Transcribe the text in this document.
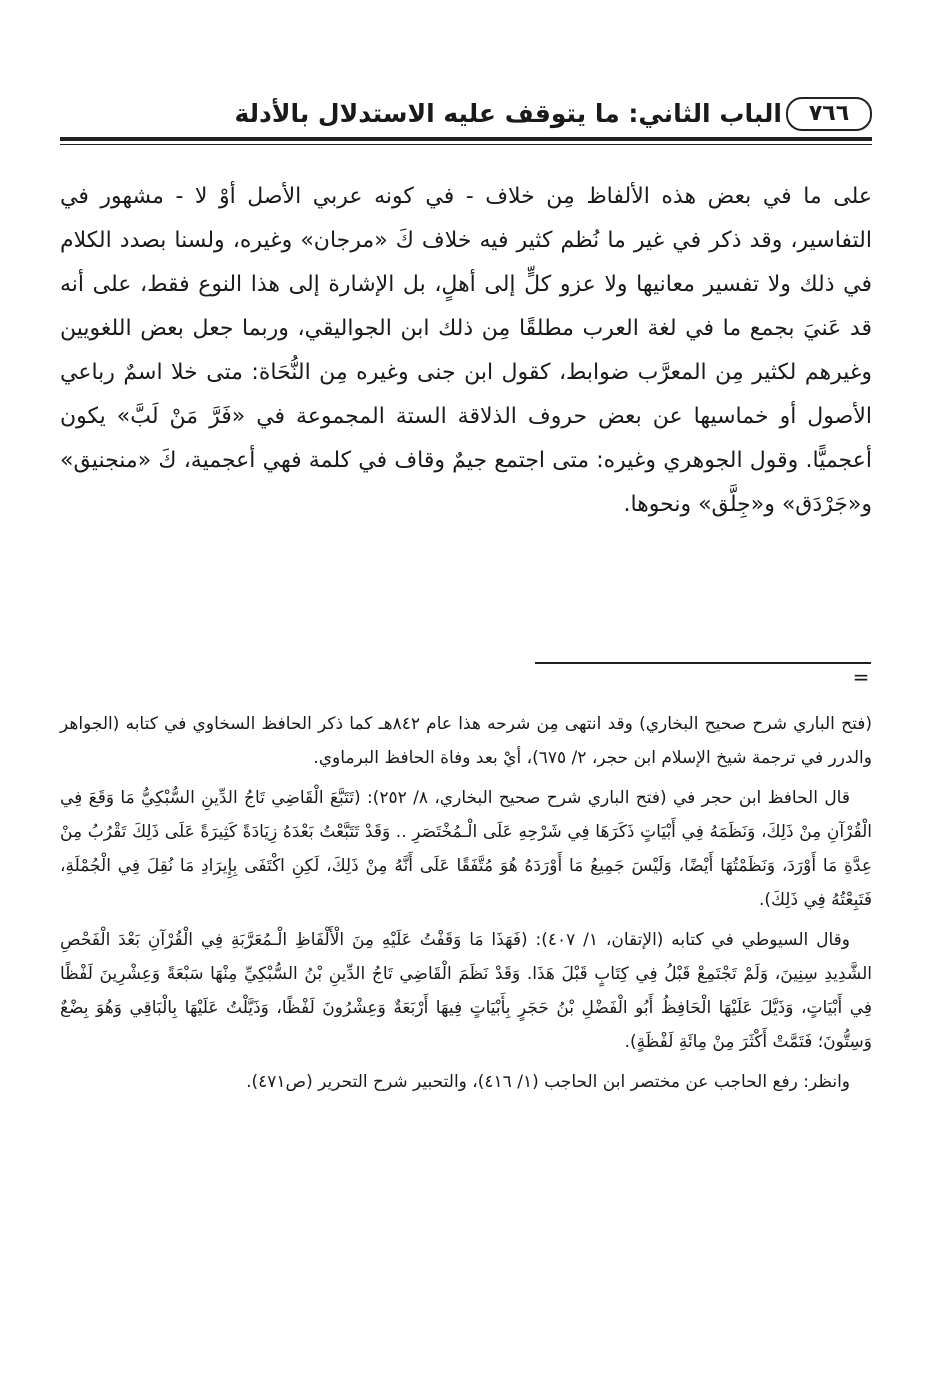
٧٦٦
الباب الثاني: ما يتوقف عليه الاستدلال بالأدلة

على ما في بعض هذه الألفاظ مِن خلاف - في كونه عربي الأصل أوْ لا - مشهور في التفاسير، وقد ذكر في غير ما نُظم كثير فيه خلاف كَ «مرجان» وغيره، ولسنا بصدد الكلام في ذلك ولا تفسير معانيها ولا عزو كلٍّ إلى أهلٍ، بل الإشارة إلى هذا النوع فقط، على أنه قد عَنيَ بجمع ما في لغة العرب مطلقًا مِن ذلك ابن الجواليقي، وربما جعل بعض اللغويين وغيرهم لكثير مِن المعرَّب ضوابط، كقول ابن جنى وغيره مِن النُّحَاة: متى خلا اسمٌ رباعي الأصول أو خماسيها عن بعض حروف الذلاقة الستة المجموعة في «فَرَّ مَنْ لَبَّ» يكون أعجميًّا. وقول الجوهري وغيره: متى اجتمع جيمٌ وقاف في كلمة فهي أعجمية، كَ «منجنيق» و«جَرْدَق» و«جِلَّق» ونحوها.

=

(فتح الباري شرح صحيح البخاري) وقد انتهى مِن شرحه هذا عام ٨٤٢هـ كما ذكر الحافظ السخاوي في كتابه (الجواهر والدرر في ترجمة شيخ الإسلام ابن حجر، ٢/ ٦٧٥)، أيْ بعد وفاة الحافظ البرماوي.

قال الحافظ ابن حجر في (فتح الباري شرح صحيح البخاري، ٨/ ٢٥٢): (تَتَبَّعَ الْقَاضِي تَاجُ الدِّينِ السُّبْكِيُّ مَا وَقَعَ فِي الْقُرْآنِ مِنْ ذَلِكَ، وَنَظَمَهُ فِي أَبْيَاتٍ ذَكَرَهَا فِي شَرْحِهِ عَلَى الْـمُخْتَصَرِ .. وَقَدْ تَتَبَّعْتُ بَعْدَهُ زِيَادَةً كَثِيرَةً عَلَى ذَلِكَ تَقْرُبُ مِنْ عِدَّةِ مَا أَوْرَدَ، وَنَظَمْتُهَا أَيْضًا، وَلَيْسَ جَمِيعُ مَا أَوْرَدَهُ هُوَ مُتَّفَقًا عَلَى أَنَّهُ مِنْ ذَلِكَ، لَكِنِ اكْتَفَى بِإِيرَادِ مَا نُقِلَ فِي الْجُمْلَةِ، فَتَبِعْتُهُ فِي ذَلِكَ).

وقال السيوطي في كتابه (الإتقان، ١/ ٤٠٧): (فَهَذَا مَا وَقَفْتُ عَلَيْهِ مِنَ الْأَلْفَاظِ الْـمُعَرَّبَةِ فِي الْقُرْآنِ بَعْدَ الْفَحْصِ الشَّدِيدِ سِنِينَ، وَلَمْ تَجْتَمِعْ قَبْلُ فِي كِتَابٍ قَبْلَ هَذَا. وَقَدْ نَظَمَ الْقَاضِي تَاجُ الدِّينِ بْنُ السُّبْكِيِّ مِنْهَا سَبْعَةً وَعِشْرِينَ لَفْظًا فِي أَبْيَاتٍ، وَذَيَّلَ عَلَيْهَا الْحَافِظُ أَبُو الْفَضْلِ بْنُ حَجَرٍ بِأَبْيَاتٍ فِيهَا أَرْبَعَةٌ وَعِشْرُونَ لَفْظًا، وَذَيَّلْتُ عَلَيْهَا بِالْبَاقِي وَهُوَ بِضْعٌ وَسِتُّونَ؛ فَتَمَّتْ أَكْثَرَ مِنْ مِائَةِ لَفْظَةٍ).

وانظر: رفع الحاجب عن مختصر ابن الحاجب (١/ ٤١٦)، والتحبير شرح التحرير (ص٤٧١).
